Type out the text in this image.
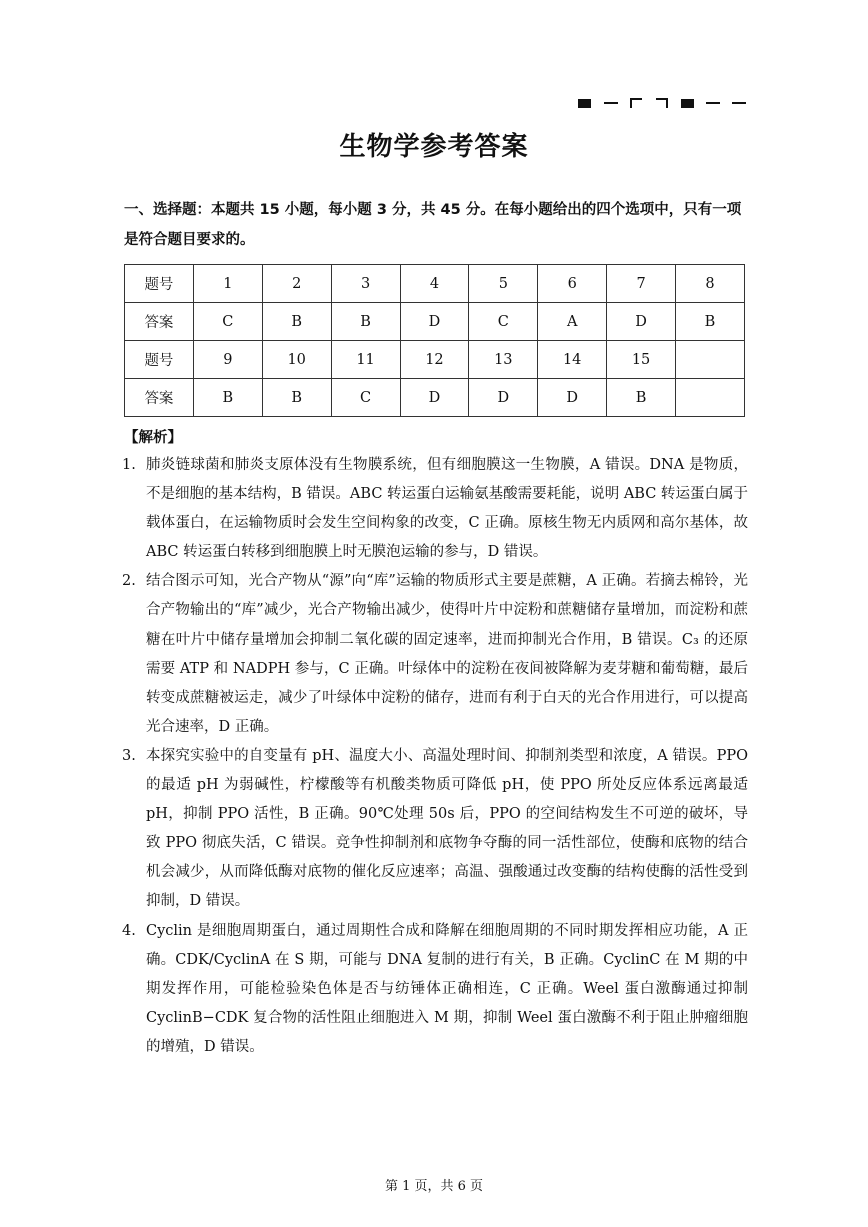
生物学参考答案
一、选择题：本题共 15 小题，每小题 3 分，共 45 分。在每小题给出的四个选项中，只有一项是符合题目要求的。
题号	1	2	3	4	5	6	7	8
答案	C	B	B	D	C	A	D	B
题号	9	10	11	12	13	14	15	
答案	B	B	C	D	D	D	B	
【解析】
1. 肺炎链球菌和肺炎支原体没有生物膜系统，但有细胞膜这一生物膜，A 错误。DNA 是物质，不是细胞的基本结构，B 错误。ABC 转运蛋白运输氨基酸需要耗能，说明 ABC 转运蛋白属于载体蛋白，在运输物质时会发生空间构象的改变，C 正确。原核生物无内质网和高尔基体，故 ABC 转运蛋白转移到细胞膜上时无膜泡运输的参与，D 错误。
2. 结合图示可知，光合产物从“源”向“库”运输的物质形式主要是蔗糖，A 正确。若摘去棉铃，光合产物输出的“库”减少，光合产物输出减少，使得叶片中淀粉和蔗糖储存量增加，而淀粉和蔗糖在叶片中储存量增加会抑制二氧化碳的固定速率，进而抑制光合作用，B 错误。C₃ 的还原需要 ATP 和 NADPH 参与，C 正确。叶绿体中的淀粉在夜间被降解为麦芽糖和葡萄糖，最后转变成蔗糖被运走，减少了叶绿体中淀粉的储存，进而有利于白天的光合作用进行，可以提高光合速率，D 正确。
3. 本探究实验中的自变量有 pH、温度大小、高温处理时间、抑制剂类型和浓度，A 错误。PPO 的最适 pH 为弱碱性，柠檬酸等有机酸类物质可降低 pH，使 PPO 所处反应体系远离最适 pH，抑制 PPO 活性，B 正确。90℃处理 50s 后，PPO 的空间结构发生不可逆的破坏，导致 PPO 彻底失活，C 错误。竞争性抑制剂和底物争夺酶的同一活性部位，使酶和底物的结合机会减少，从而降低酶对底物的催化反应速率；高温、强酸通过改变酶的结构使酶的活性受到抑制，D 错误。
4. Cyclin 是细胞周期蛋白，通过周期性合成和降解在细胞周期的不同时期发挥相应功能，A 正确。CDK/CyclinA 在 S 期，可能与 DNA 复制的进行有关，B 正确。CyclinC 在 M 期的中期发挥作用，可能检验染色体是否与纺锤体正确相连，C 正确。Weel 蛋白激酶通过抑制 CyclinB−CDK 复合物的活性阻止细胞进入 M 期，抑制 Weel 蛋白激酶不利于阻止肿瘤细胞的增殖，D 错误。
第 1 页，共 6 页
